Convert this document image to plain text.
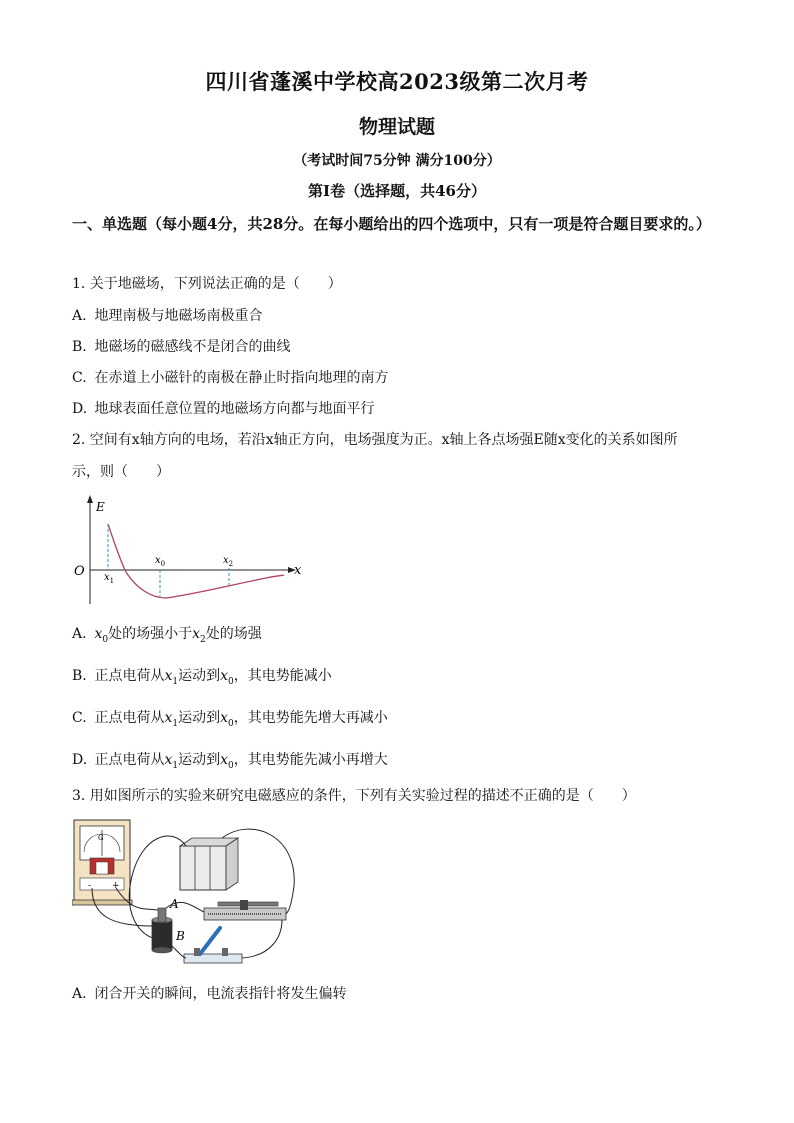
四川省蓬溪中学校高2023级第二次月考
物理试题
（考试时间75分钟 满分100分）
第Ⅰ卷（选择题，共46分）
一、单选题（每小题4分，共28分。在每小题给出的四个选项中，只有一项是符合题目要求的。）
1. 关于地磁场，下列说法正确的是（　　）
A. 地理南极与地磁场南极重合
B. 地磁场的磁感线不是闭合的曲线
C. 在赤道上小磁针的南极在静止时指向地理的南方
D. 地球表面任意位置的地磁场方向都与地面平行
2. 空间有x轴方向的电场，若沿x轴正方向，电场强度为正。x轴上各点场强E随x变化的关系如图所
示，则（　　）
E
x
O $x_1$
$x_0$	$x_2$
A. $x_0$处的场强小于$x_2$处的场强
B. 正点电荷从$x_1$运动到$x_0$，其电势能减小
C. 正点电荷从$x_1$运动到$x_0$，其电势能先增大再减小
D. 正点电荷从$x_1$运动到$x_0$，其电势能先减小再增大
3. 用如图所示的实验来研究电磁感应的条件，下列有关实验过程的描述不正确的是（　　）
G
- +
A
B
A. 闭合开关的瞬间，电流表指针将发生偏转
